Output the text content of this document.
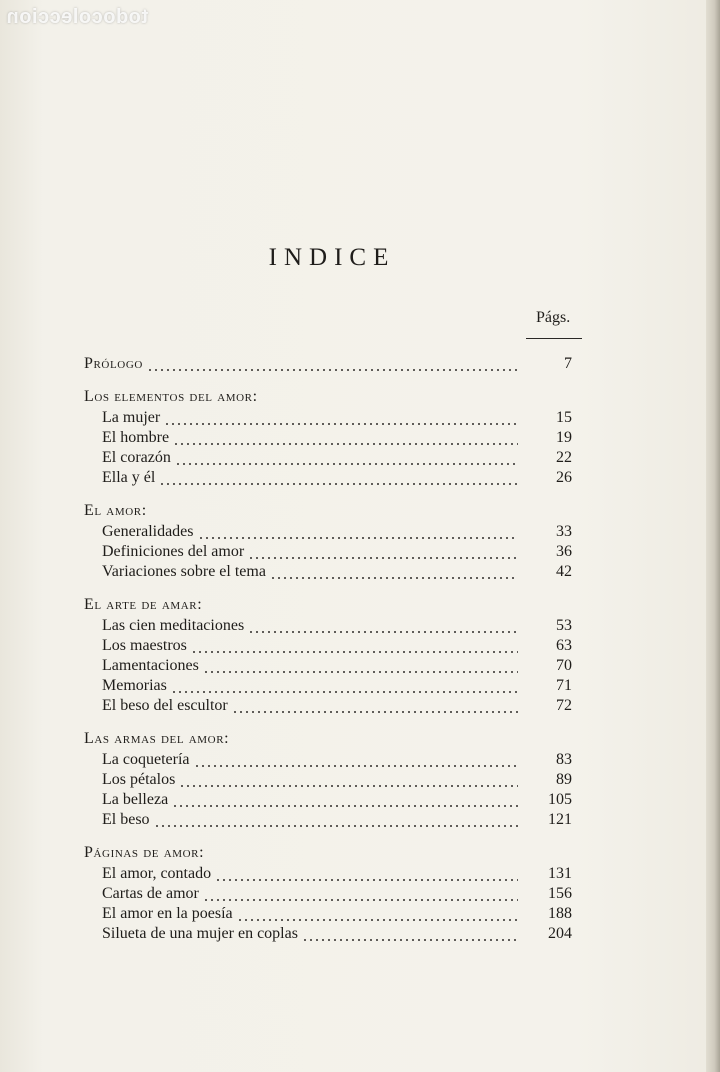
todocoleccion
INDICE
Págs.
Prólogo	7
Los elementos del amor:
La mujer	15
El hombre	19
El corazón	22
Ella y él	26
El amor:
Generalidades	33
Definiciones del amor	36
Variaciones sobre el tema	42
El arte de amar:
Las cien meditaciones	53
Los maestros	63
Lamentaciones	70
Memorias	71
El beso del escultor	72
Las armas del amor:
La coquetería	83
Los pétalos	89
La belleza	105
El beso	121
Páginas de amor:
El amor, contado	131
Cartas de amor	156
El amor en la poesía	188
Silueta de una mujer en coplas	204
